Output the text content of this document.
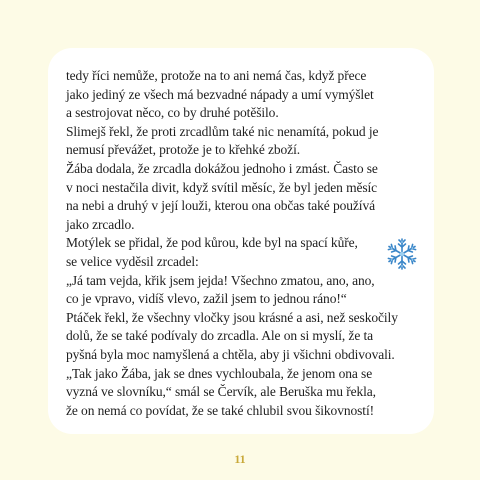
tedy říci nemůže, protože na to ani nemá čas, když přece
jako jediný ze všech má bezvadné nápady a umí vymýšlet
a sestrojovat něco, co by druhé potěšilo.
Slimejš řekl, že proti zrcadlům také nic nenamítá, pokud je
nemusí převážet, protože je to křehké zboží.
Žába dodala, že zrcadla dokážou jednoho i zmást. Často se
v noci nestačila divit, když svítil měsíc, že byl jeden měsíc
na nebi a druhý v její louži, kterou ona občas také používá
jako zrcadlo.
Motýlek se přidal, že pod kůrou, kde byl na spací kůře,
se velice vyděsil zrcadel:
„Já tam vejda, křik jsem jejda! Všechno zmatou, ano, ano,
co je vpravo, vidíš vlevo, zažil jsem to jednou ráno!“
Ptáček řekl, že všechny vločky jsou krásné a asi, než seskočily
dolů, že se také podívaly do zrcadla. Ale on si myslí, že ta
pyšná byla moc namyšlená a chtěla, aby ji všichni obdivovali.
„Tak jako Žába, jak se dnes vychloubala, že jenom ona se
vyzná ve slovníku,“ smál se Červík, ale Beruška mu řekla,
že on nemá co povídat, že se také chlubil svou šikovností!
11
